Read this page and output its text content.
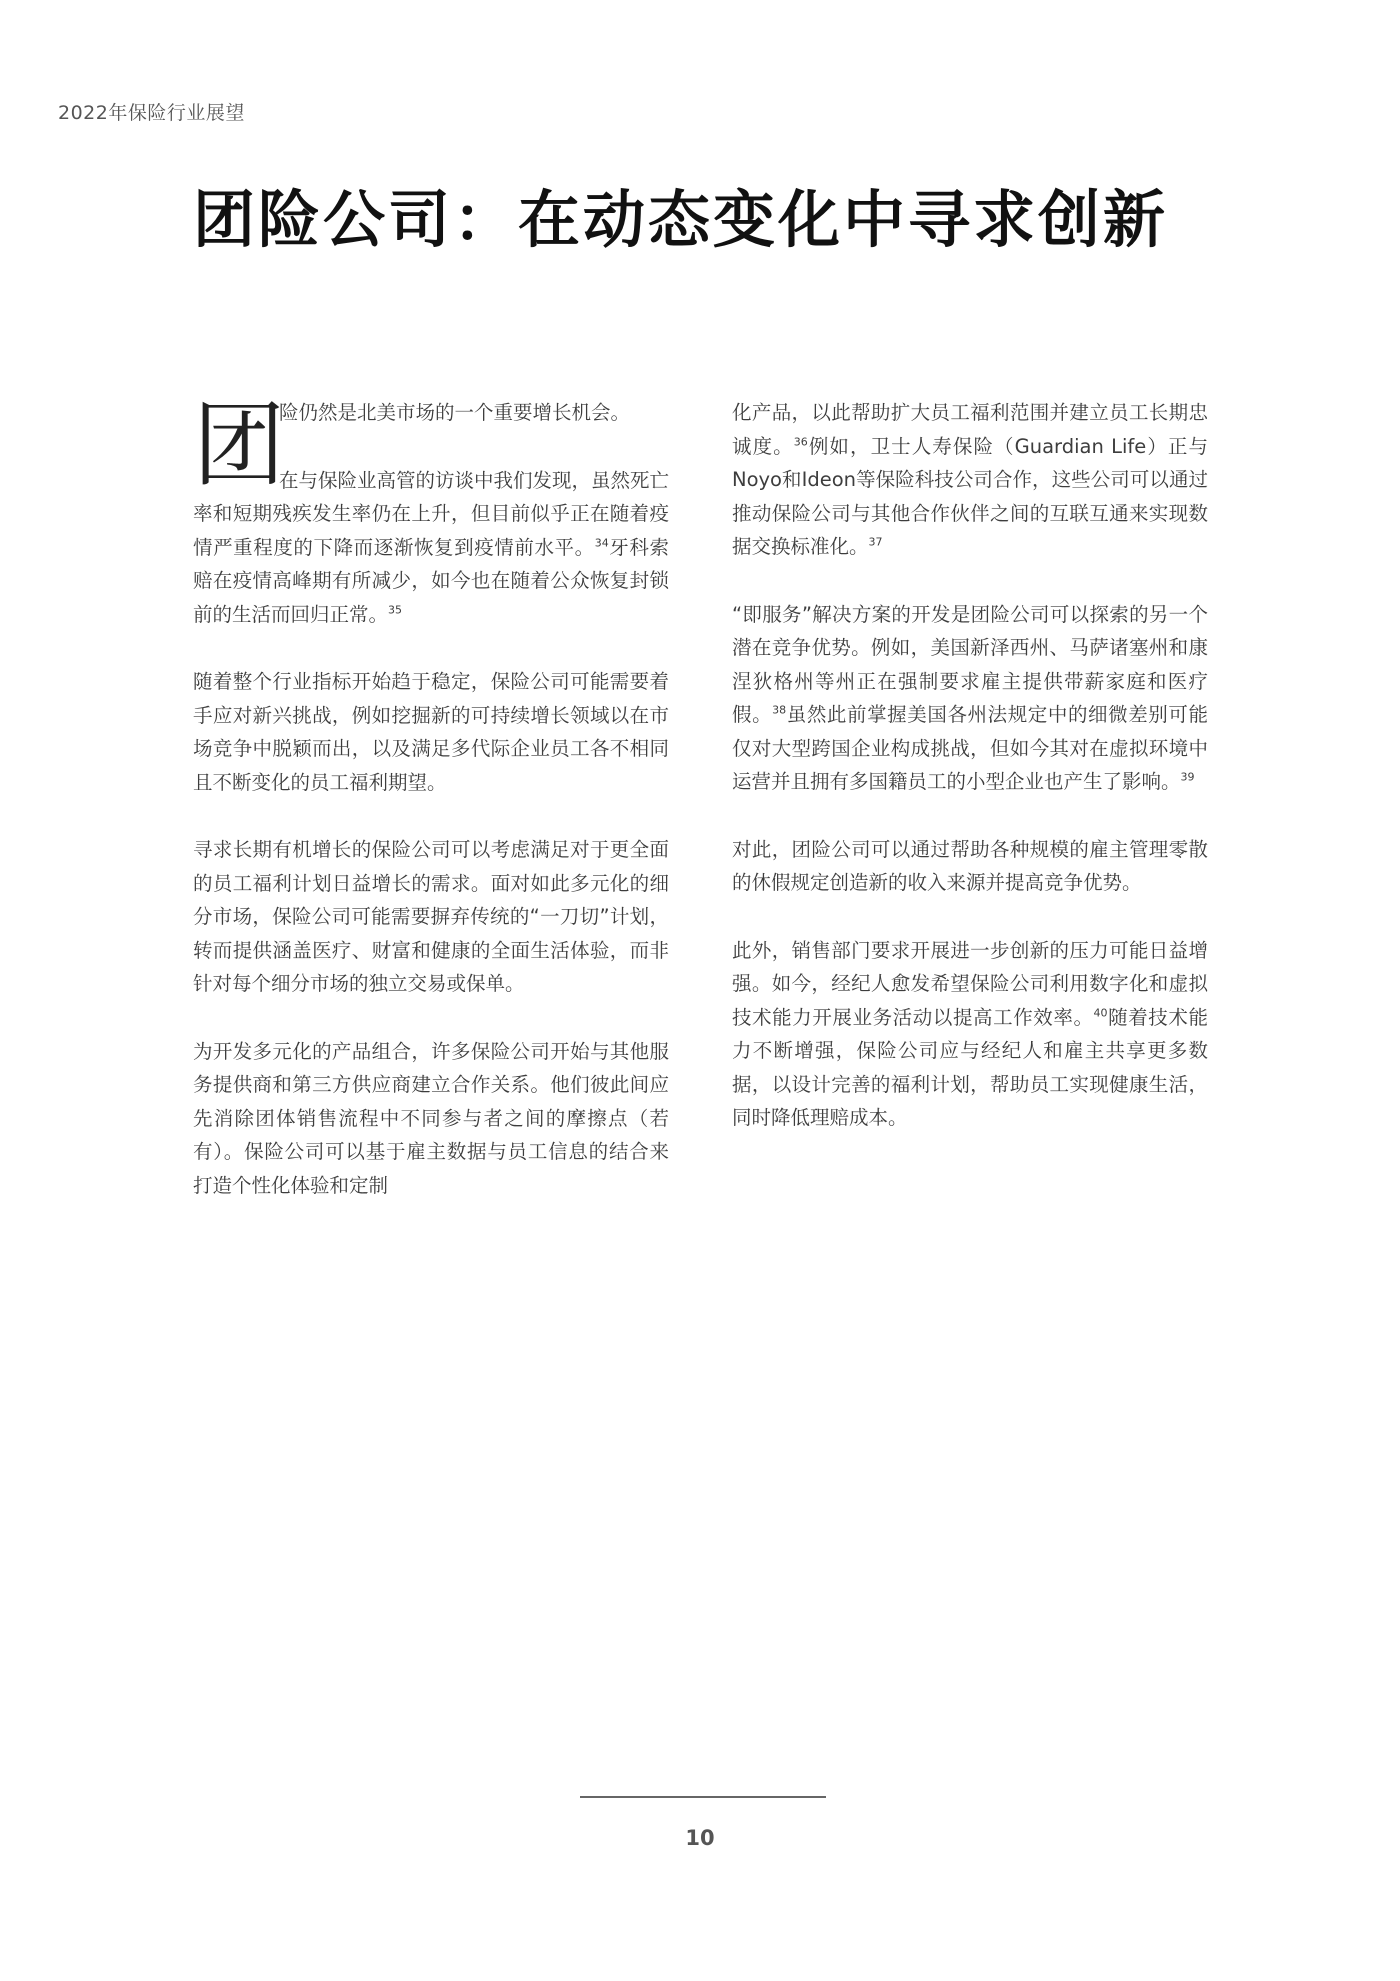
2022年保险行业展望
团险公司：在动态变化中寻求创新
团

险仍然是北美市场的一个重要增长机会。

在与保险业高管的访谈中我们发现，虽然死亡率和短期残疾发生率仍在上升，但目前似乎正在随着疫情严重程度的下降而逐渐恢复到疫情前水平。$^{34}$牙科索赔在疫情高峰期有所减少，如今也在随着公众恢复封锁前的生活而回归正常。$^{35}$

随着整个行业指标开始趋于稳定，保险公司可能需要着手应对新兴挑战，例如挖掘新的可持续增长领域以在市场竞争中脱颖而出，以及满足多代际企业员工各不相同且不断变化的员工福利期望。

寻求长期有机增长的保险公司可以考虑满足对于更全面的员工福利计划日益增长的需求。面对如此多元化的细分市场，保险公司可能需要摒弃传统的“一刀切”计划，转而提供涵盖医疗、财富和健康的全面生活体验，而非针对每个细分市场的独立交易或保单。

为开发多元化的产品组合，许多保险公司开始与其他服务提供商和第三方供应商建立合作关系。他们彼此间应先消除团体销售流程中不同参与者之间的摩擦点（若有）。保险公司可以基于雇主数据与员工信息的结合来打造个性化体验和定制

化产品，以此帮助扩大员工福利范围并建立员工长期忠诚度。$^{36}$例如，卫士人寿保险（Guardian Life）正与Noyo和Ideon等保险科技公司合作，这些公司可以通过推动保险公司与其他合作伙伴之间的互联互通来实现数据交换标准化。$^{37}$

“即服务”解决方案的开发是团险公司可以探索的另一个潜在竞争优势。例如，美国新泽西州、马萨诸塞州和康涅狄格州等州正在强制要求雇主提供带薪家庭和医疗假。$^{38}$虽然此前掌握美国各州法规定中的细微差别可能仅对大型跨国企业构成挑战，但如今其对在虚拟环境中运营并且拥有多国籍员工的小型企业也产生了影响。$^{39}$

对此，团险公司可以通过帮助各种规模的雇主管理零散的休假规定创造新的收入来源并提高竞争优势。

此外，销售部门要求开展进一步创新的压力可能日益增强。如今，经纪人愈发希望保险公司利用数字化和虚拟技术能力开展业务活动以提高工作效率。$^{40}$随着技术能力不断增强，保险公司应与经纪人和雇主共享更多数据，以设计完善的福利计划，帮助员工实现健康生活，同时降低理赔成本。

10
